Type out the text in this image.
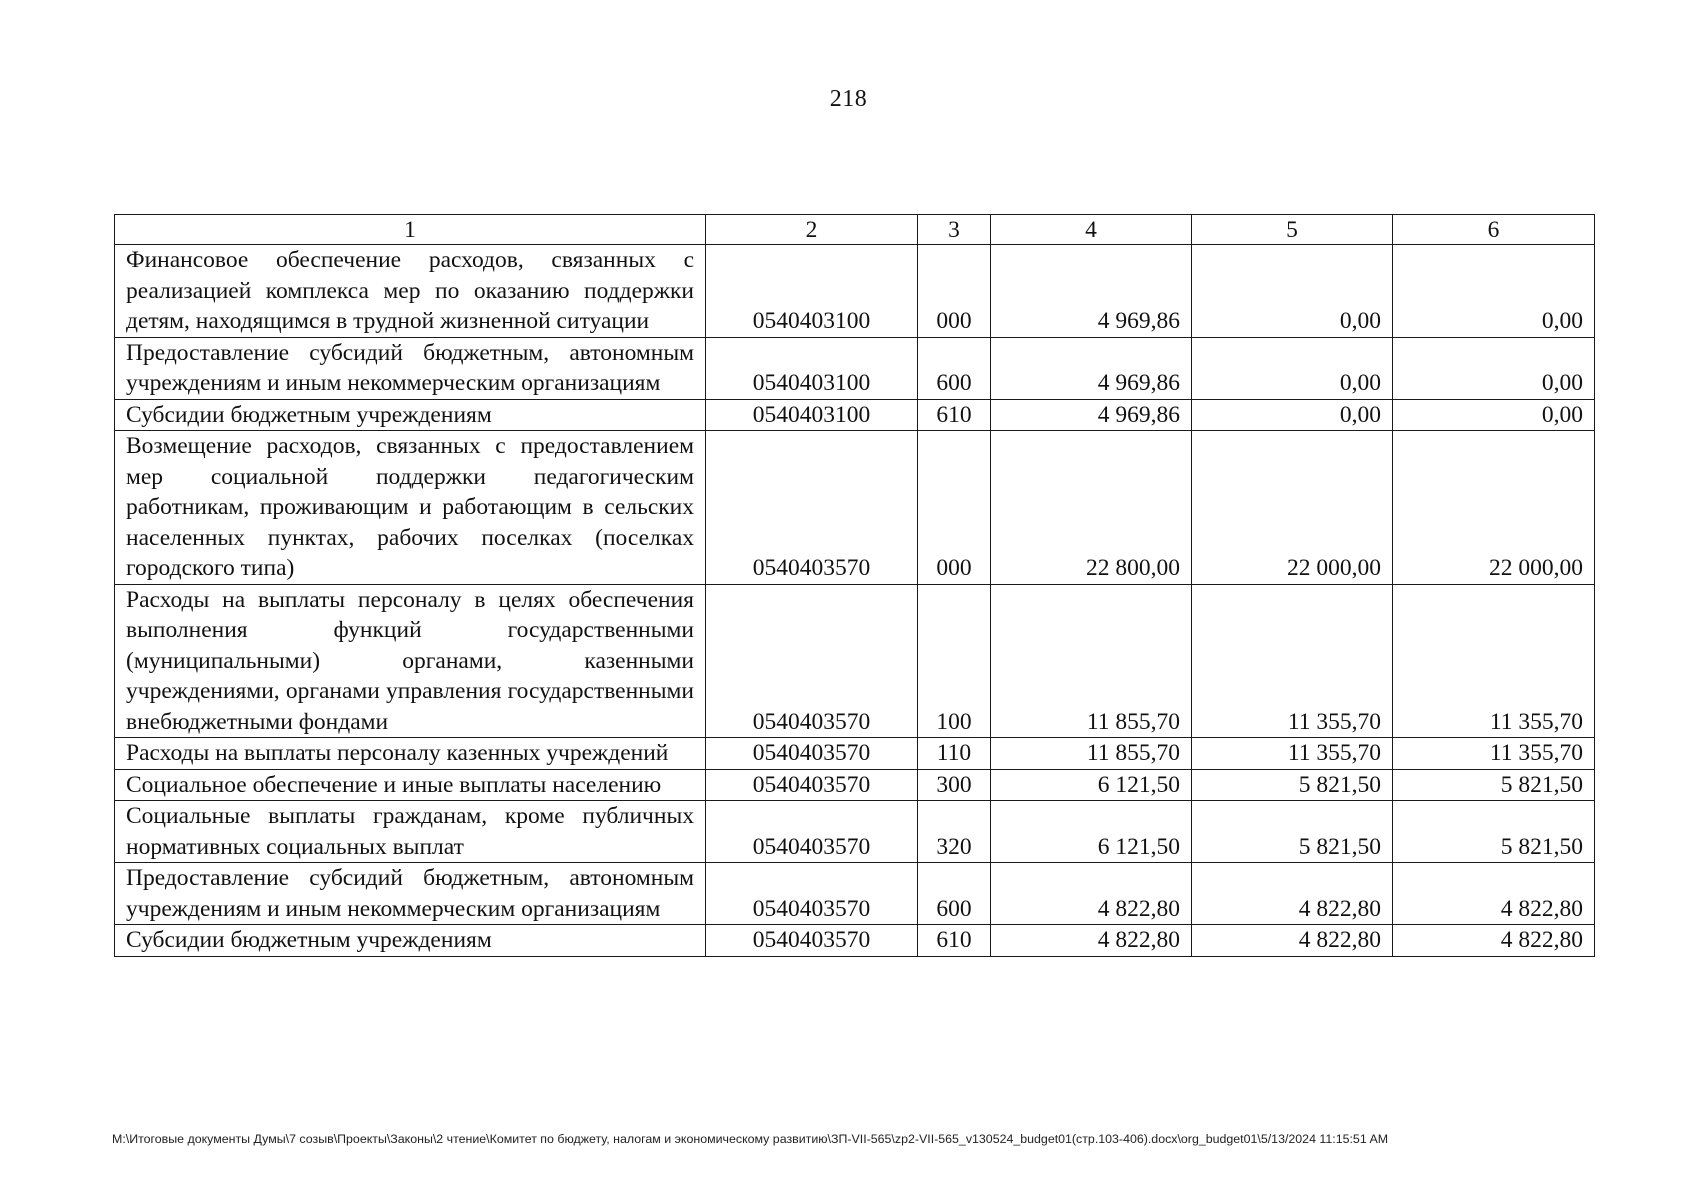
218
1	2	3	4	5	6
Финансовое обеспечение расходов, связанных с реализацией комплекса мер по оказанию поддержки детям, находящимся в трудной жизненной ситуации	0540403100	000	4 969,86	0,00	0,00
Предоставление субсидий бюджетным, автономным учреждениям и иным некоммерческим организациям	0540403100	600	4 969,86	0,00	0,00
Субсидии бюджетным учреждениям	0540403100	610	4 969,86	0,00	0,00
Возмещение расходов, связанных с предоставлением мер социальной поддержки педагогическим работникам, проживающим и работающим в сельских населенных пунктах, рабочих поселках (поселках городского типа)	0540403570	000	22 800,00	22 000,00	22 000,00
Расходы на выплаты персоналу в целях обеспечения выполнения функций государственными (муниципальными) органами, казенными учреждениями, органами управления государственными внебюджетными фондами	0540403570	100	11 855,70	11 355,70	11 355,70
Расходы на выплаты персоналу казенных учреждений	0540403570	110	11 855,70	11 355,70	11 355,70
Социальное обеспечение и иные выплаты населению	0540403570	300	6 121,50	5 821,50	5 821,50
Социальные выплаты гражданам, кроме публичных нормативных социальных выплат	0540403570	320	6 121,50	5 821,50	5 821,50
Предоставление субсидий бюджетным, автономным учреждениям и иным некоммерческим организациям	0540403570	600	4 822,80	4 822,80	4 822,80
Субсидии бюджетным учреждениям	0540403570	610	4 822,80	4 822,80	4 822,80
M:\Итоговые документы Думы\7 созыв\Проекты\Законы\2 чтение\Комитет по бюджету, налогам и экономическому развитию\ЗП-VII-565\zp2-VII-565_v130524_budget01(стр.103-406).docx\org_budget01\5/13/2024 11:15:51 AM
